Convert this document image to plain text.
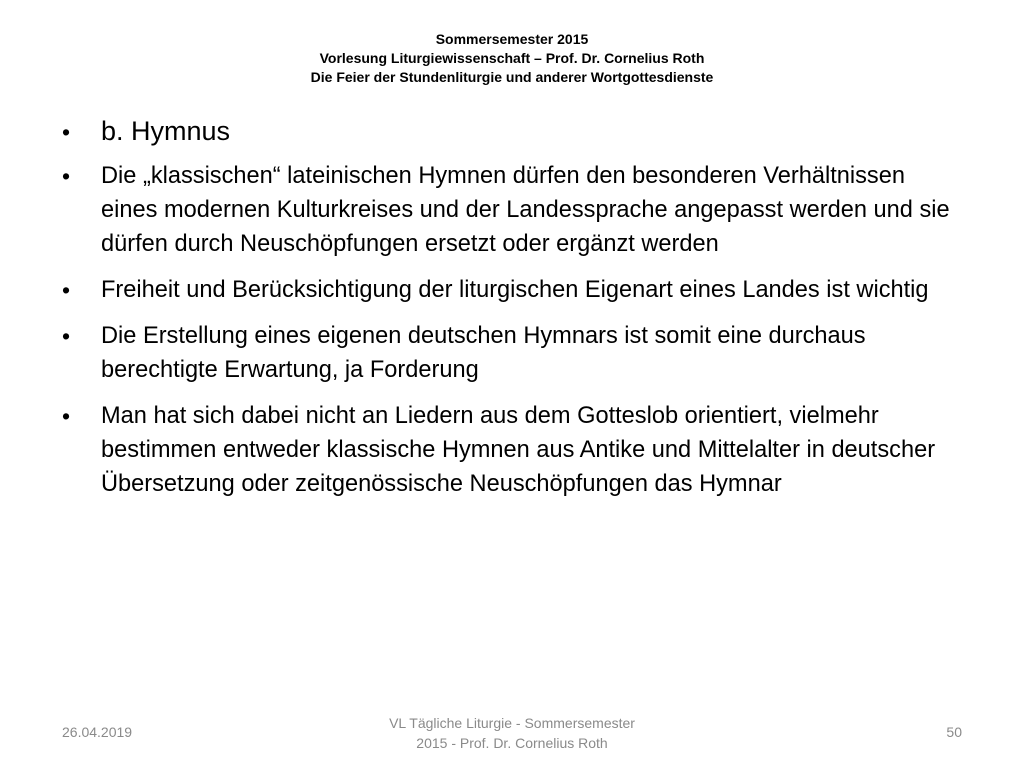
Sommersemester 2015
Vorlesung Liturgiewissenschaft – Prof. Dr. Cornelius Roth
Die Feier der Stundenliturgie und anderer Wortgottesdienste
• b. Hymnus
• Die „klassischen“ lateinischen Hymnen dürfen den besonderen Verhältnissen eines modernen Kulturkreises und der Landessprache angepasst werden und sie dürfen durch Neuschöpfungen ersetzt oder ergänzt werden
• Freiheit und Berücksichtigung der liturgischen Eigenart eines Landes ist wichtig
• Die Erstellung eines eigenen deutschen Hymnars ist somit eine durchaus berechtigte Erwartung, ja Forderung
• Man hat sich dabei nicht an Liedern aus dem Gotteslob orientiert, vielmehr bestimmen entweder klassische Hymnen aus Antike und Mittelalter in deutscher Übersetzung oder zeitgenössische Neuschöpfungen das Hymnar
26.04.2019
VL Tägliche Liturgie - Sommersemester
2015 - Prof. Dr. Cornelius Roth
50
